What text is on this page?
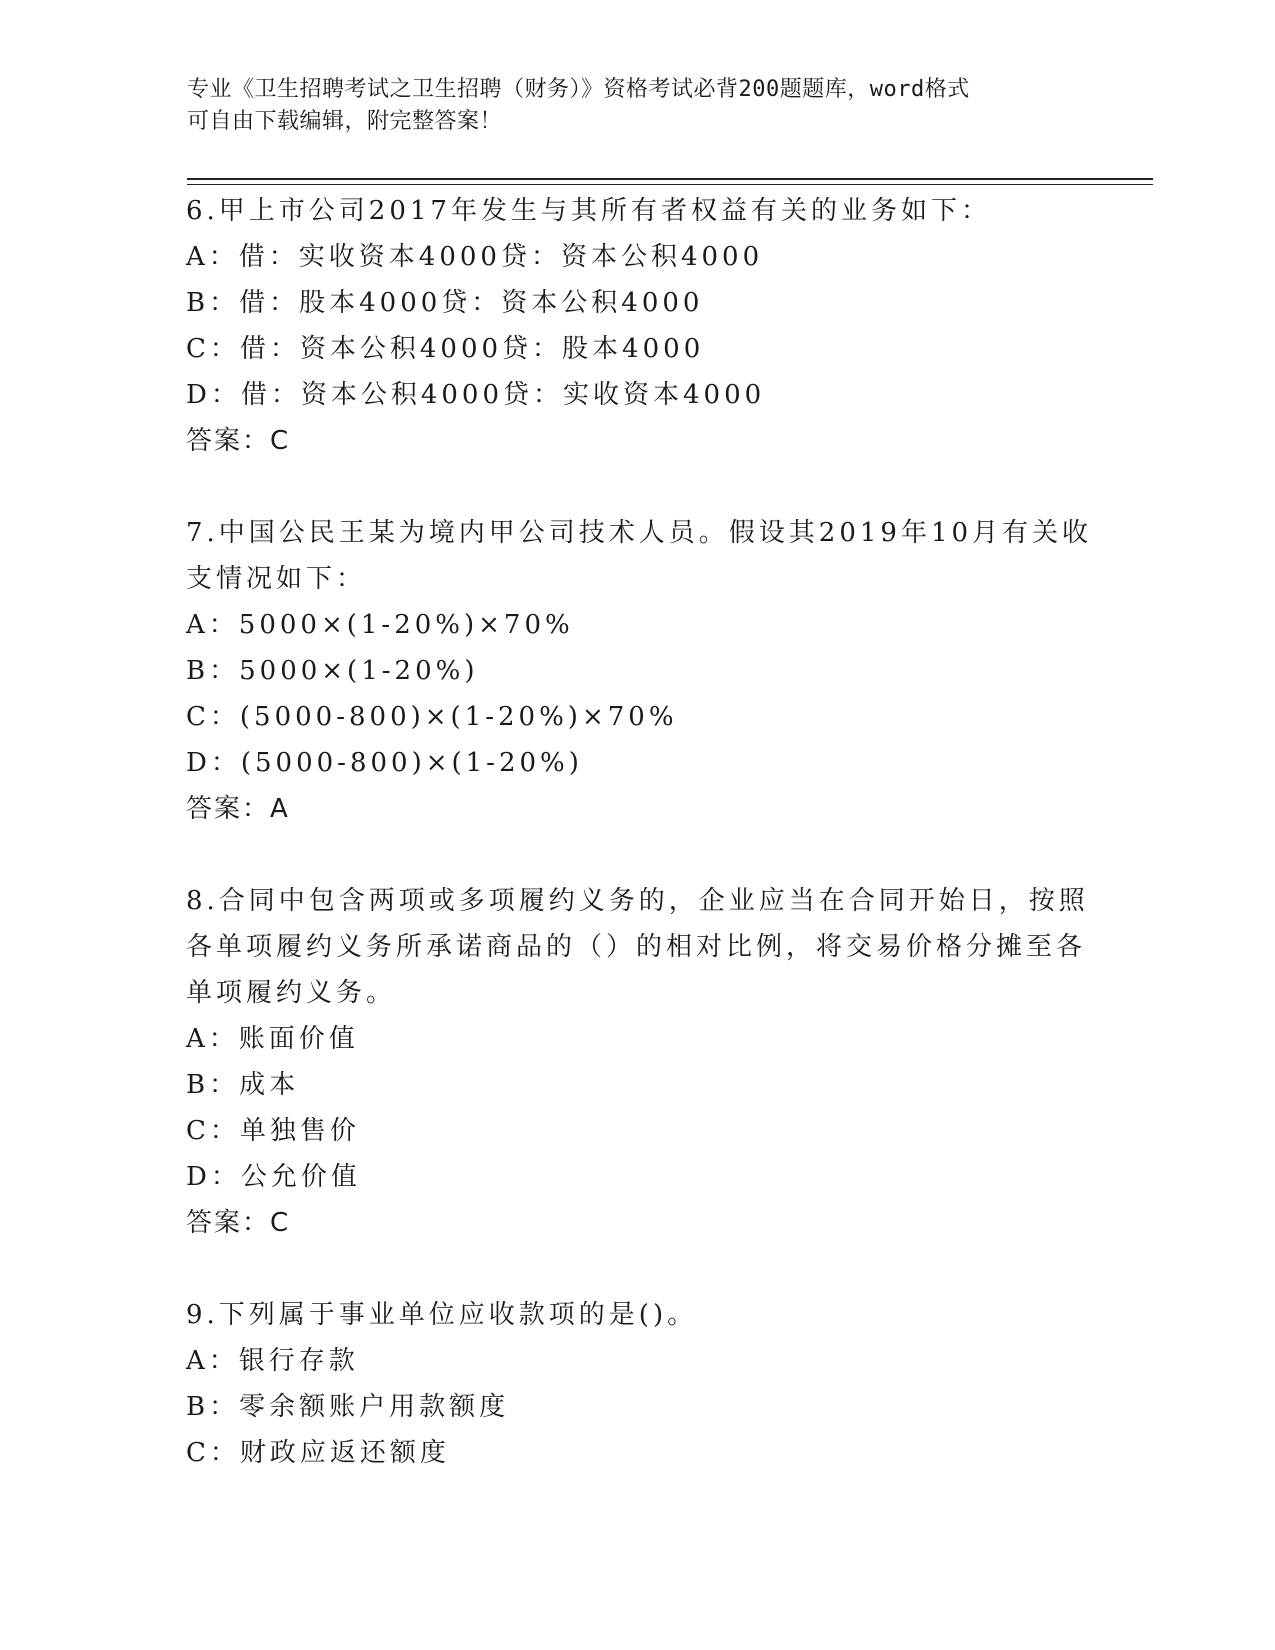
专业《卫生招聘考试之卫生招聘（财务）》资格考试必背200题题库，word格式
可自由下载编辑，附完整答案！
6.甲上市公司2017年发生与其所有者权益有关的业务如下：
A：借：实收资本4000贷：资本公积4000
B：借：股本4000贷：资本公积4000
C：借：资本公积4000贷：股本4000
D：借：资本公积4000贷：实收资本4000
答案：C
7.中国公民王某为境内甲公司技术人员。假设其2019年10月有关收
支情况如下：
A：5000×(1-20%)×70%
B：5000×(1-20%)
C：(5000-800)×(1-20%)×70%
D：(5000-800)×(1-20%)
答案：A
8.合同中包含两项或多项履约义务的，企业应当在合同开始日，按照
各单项履约义务所承诺商品的（）的相对比例，将交易价格分摊至各
单项履约义务。
A：账面价值
B：成本
C：单独售价
D：公允价值
答案：C
9.下列属于事业单位应收款项的是()。
A：银行存款
B：零余额账户用款额度
C：财政应返还额度
